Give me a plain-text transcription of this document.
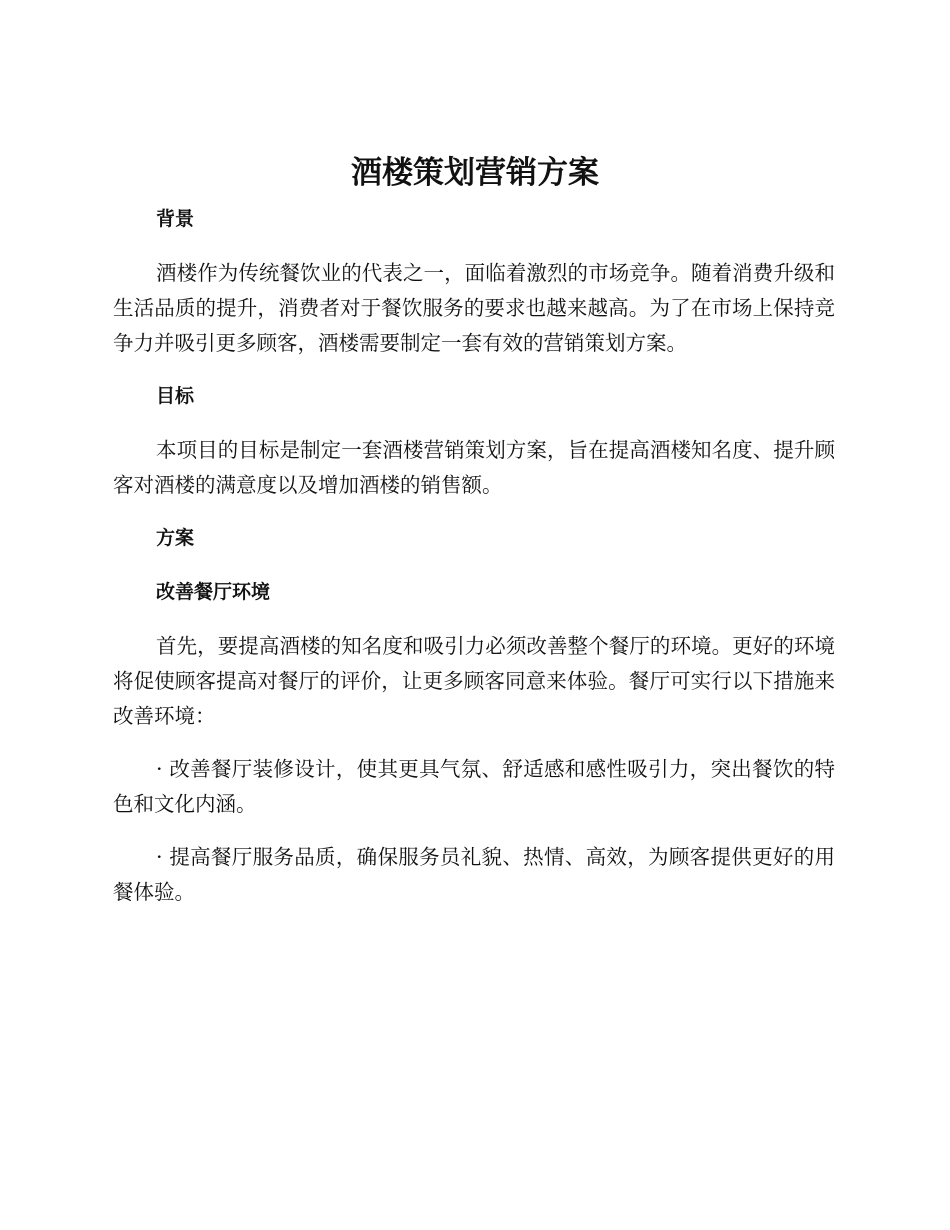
酒楼策划营销方案
背景

酒楼作为传统餐饮业的代表之一，面临着激烈的市场竞争。随着消费升级和生活品质的提升，消费者对于餐饮服务的要求也越来越高。为了在市场上保持竞争力并吸引更多顾客，酒楼需要制定一套有效的营销策划方案。

目标

本项目的目标是制定一套酒楼营销策划方案，旨在提高酒楼知名度、提升顾客对酒楼的满意度以及增加酒楼的销售额。

方案
改善餐厅环境

首先，要提高酒楼的知名度和吸引力必须改善整个餐厅的环境。更好的环境将促使顾客提高对餐厅的评价，让更多顾客同意来体验。餐厅可实行以下措施来改善环境：

· 改善餐厅装修设计，使其更具气氛、舒适感和感性吸引力，突出餐饮的特色和文化内涵。

· 提高餐厅服务品质，确保服务员礼貌、热情、高效，为顾客提供更好的用餐体验。
